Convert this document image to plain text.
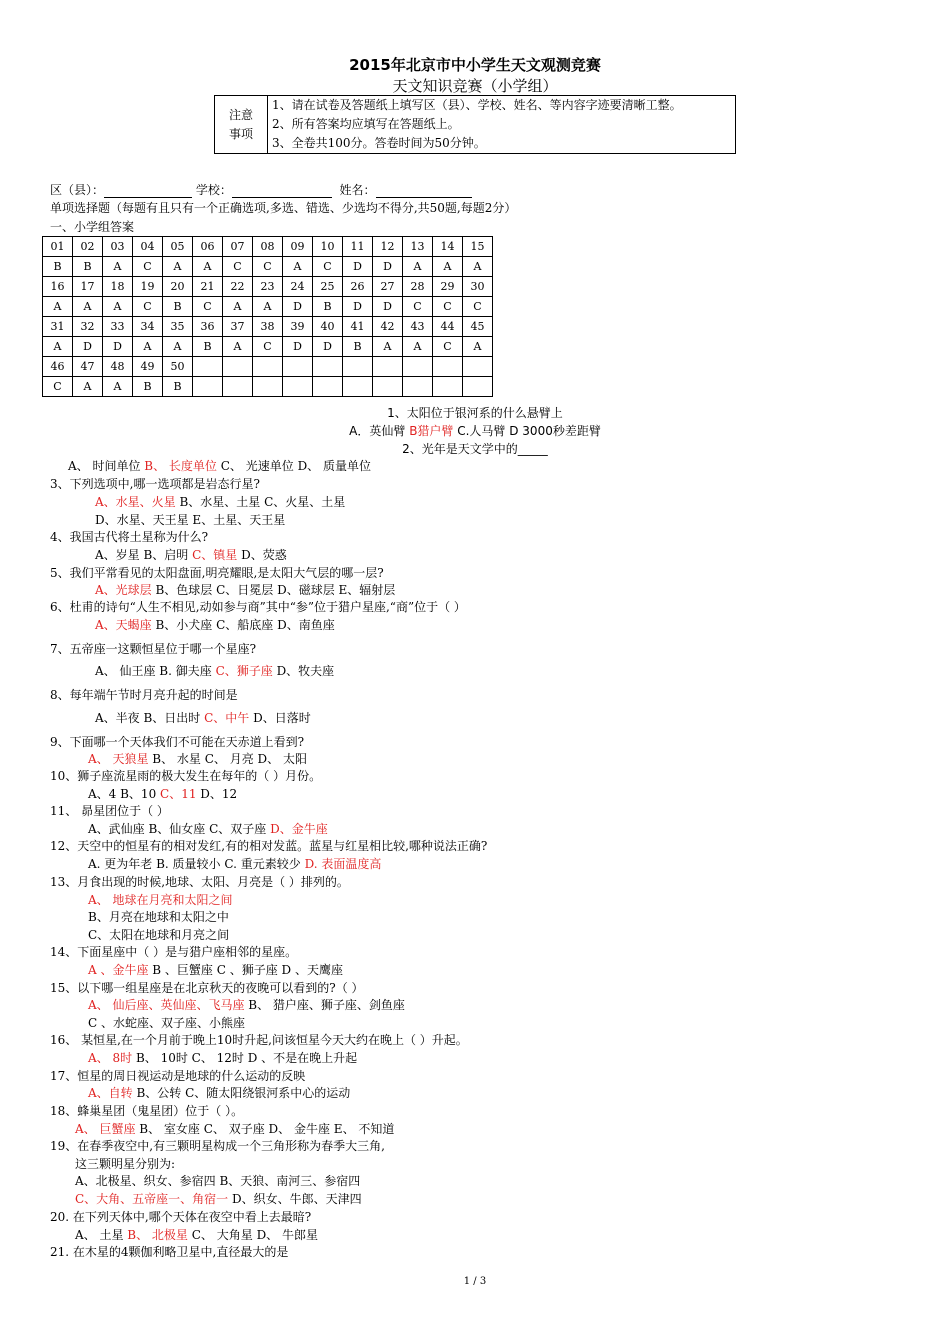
2015年北京市中小学生天文观测竞赛
天文知识竞赛（小学组）
注意
事项

1、请在试卷及答题纸上填写区（县）、学校、姓名、等内容字迹要清晰工整。
2、所有答案均应填写在答题纸上。
3、全卷共100分。答卷时间为50分钟。
区（县）：	学校：	姓名：
单项选择题（每题有且只有一个正确选项,多选、错选、少选均不得分,共50题,每题2分）
一、小学组答案
01	02	03	04	05	06	07	08	09	10	11	12	13	14	15
B	B	A	C	A	A	C	C	A	C	D	D	A	A	A
16	17	18	19	20	21	22	23	24	25	26	27	28	29	30
A	A	A	C	B	C	A	A	D	B	D	D	C	C	C
31	32	33	34	35	36	37	38	39	40	41	42	43	44	45
A	D	D	A	A	B	A	C	D	D	B	A	A	C	A
46	47	48	49	50										
C	A	A	B	B										
1、太阳位于银河系的什么悬臂上
A．英仙臂 B猎户臂 C.人马臂 D 3000秒差距臂
2、光年是天文学中的_____
A、 时间单位 B、 长度单位 C、 光速单位 D、 质量单位
3、下列选项中,哪一选项都是岩态行星?
A、水星、火星 B、水星、土星 C、火星、土星
D、水星、天王星 E、土星、天王星
4、我国古代将土星称为什么?
A、岁星 B、启明 C、镇星 D、荧惑
5、我们平常看见的太阳盘面,明亮耀眼,是太阳大气层的哪一层?
A、光球层 B、色球层 C、日冕层 D、磁球层 E、辐射层
6、杜甫的诗句“人生不相见,动如参与商”其中“参”位于猎户星座,“商”位于（ ）
A、天蝎座 B、小犬座 C、船底座 D、南鱼座
7、五帝座一这颗恒星位于哪一个星座?
A、 仙王座 B. 御夫座 C、狮子座 D、牧夫座
8、每年端午节时月亮升起的时间是
A、半夜 B、日出时 C、中午 D、日落时
9、下面哪一个天体我们不可能在天赤道上看到?
A、 天狼星 B、 水星 C、 月亮 D、 太阳
10、狮子座流星雨的极大发生在每年的（ ）月份。
A、4 B、10 C、11 D、12
11、 昴星团位于（ ）
A、武仙座 B、仙女座 C、双子座 D、金牛座
12、天空中的恒星有的相对发红,有的相对发蓝。蓝星与红星相比较,哪种说法正确?
A. 更为年老 B. 质量较小 C. 重元素较少 D. 表面温度高
13、月食出现的时候,地球、太阳、月亮是（ ）排列的。
A、 地球在月亮和太阳之间
B、月亮在地球和太阳之中
C、太阳在地球和月亮之间
14、下面星座中（ ）是与猎户座相邻的星座。
A 、金牛座 B 、巨蟹座 C 、狮子座 D 、天鹰座
15、以下哪一组星座是在北京秋天的夜晚可以看到的?（ ）
A、 仙后座、英仙座、飞马座 B、 猎户座、狮子座、剑鱼座
C 、水蛇座、双子座、小熊座
16、 某恒星,在一个月前于晚上10时升起,问该恒星今天大约在晚上（ ）升起。
A、 8时 B、 10时 C、 12时 D 、不是在晚上升起
17、恒星的周日视运动是地球的什么运动的反映
A、自转 B、公转 C、随太阳绕银河系中心的运动
18、蜂巢星团（鬼星团）位于（ ）。
A、 巨蟹座 B、 室女座 C、 双子座 D、 金牛座 E、 不知道
19、在春季夜空中,有三颗明星构成一个三角形称为春季大三角,
这三颗明星分别为:
A、北极星、织女、参宿四 B、天狼、南河三、参宿四
C、大角、五帝座一、角宿一 D、织女、牛郎、天津四
20. 在下列天体中,哪个天体在夜空中看上去最暗?
A、 土星 B、 北极星 C、 大角星 D、 牛郎星
21. 在木星的4颗伽利略卫星中,直径最大的是
1 / 3
